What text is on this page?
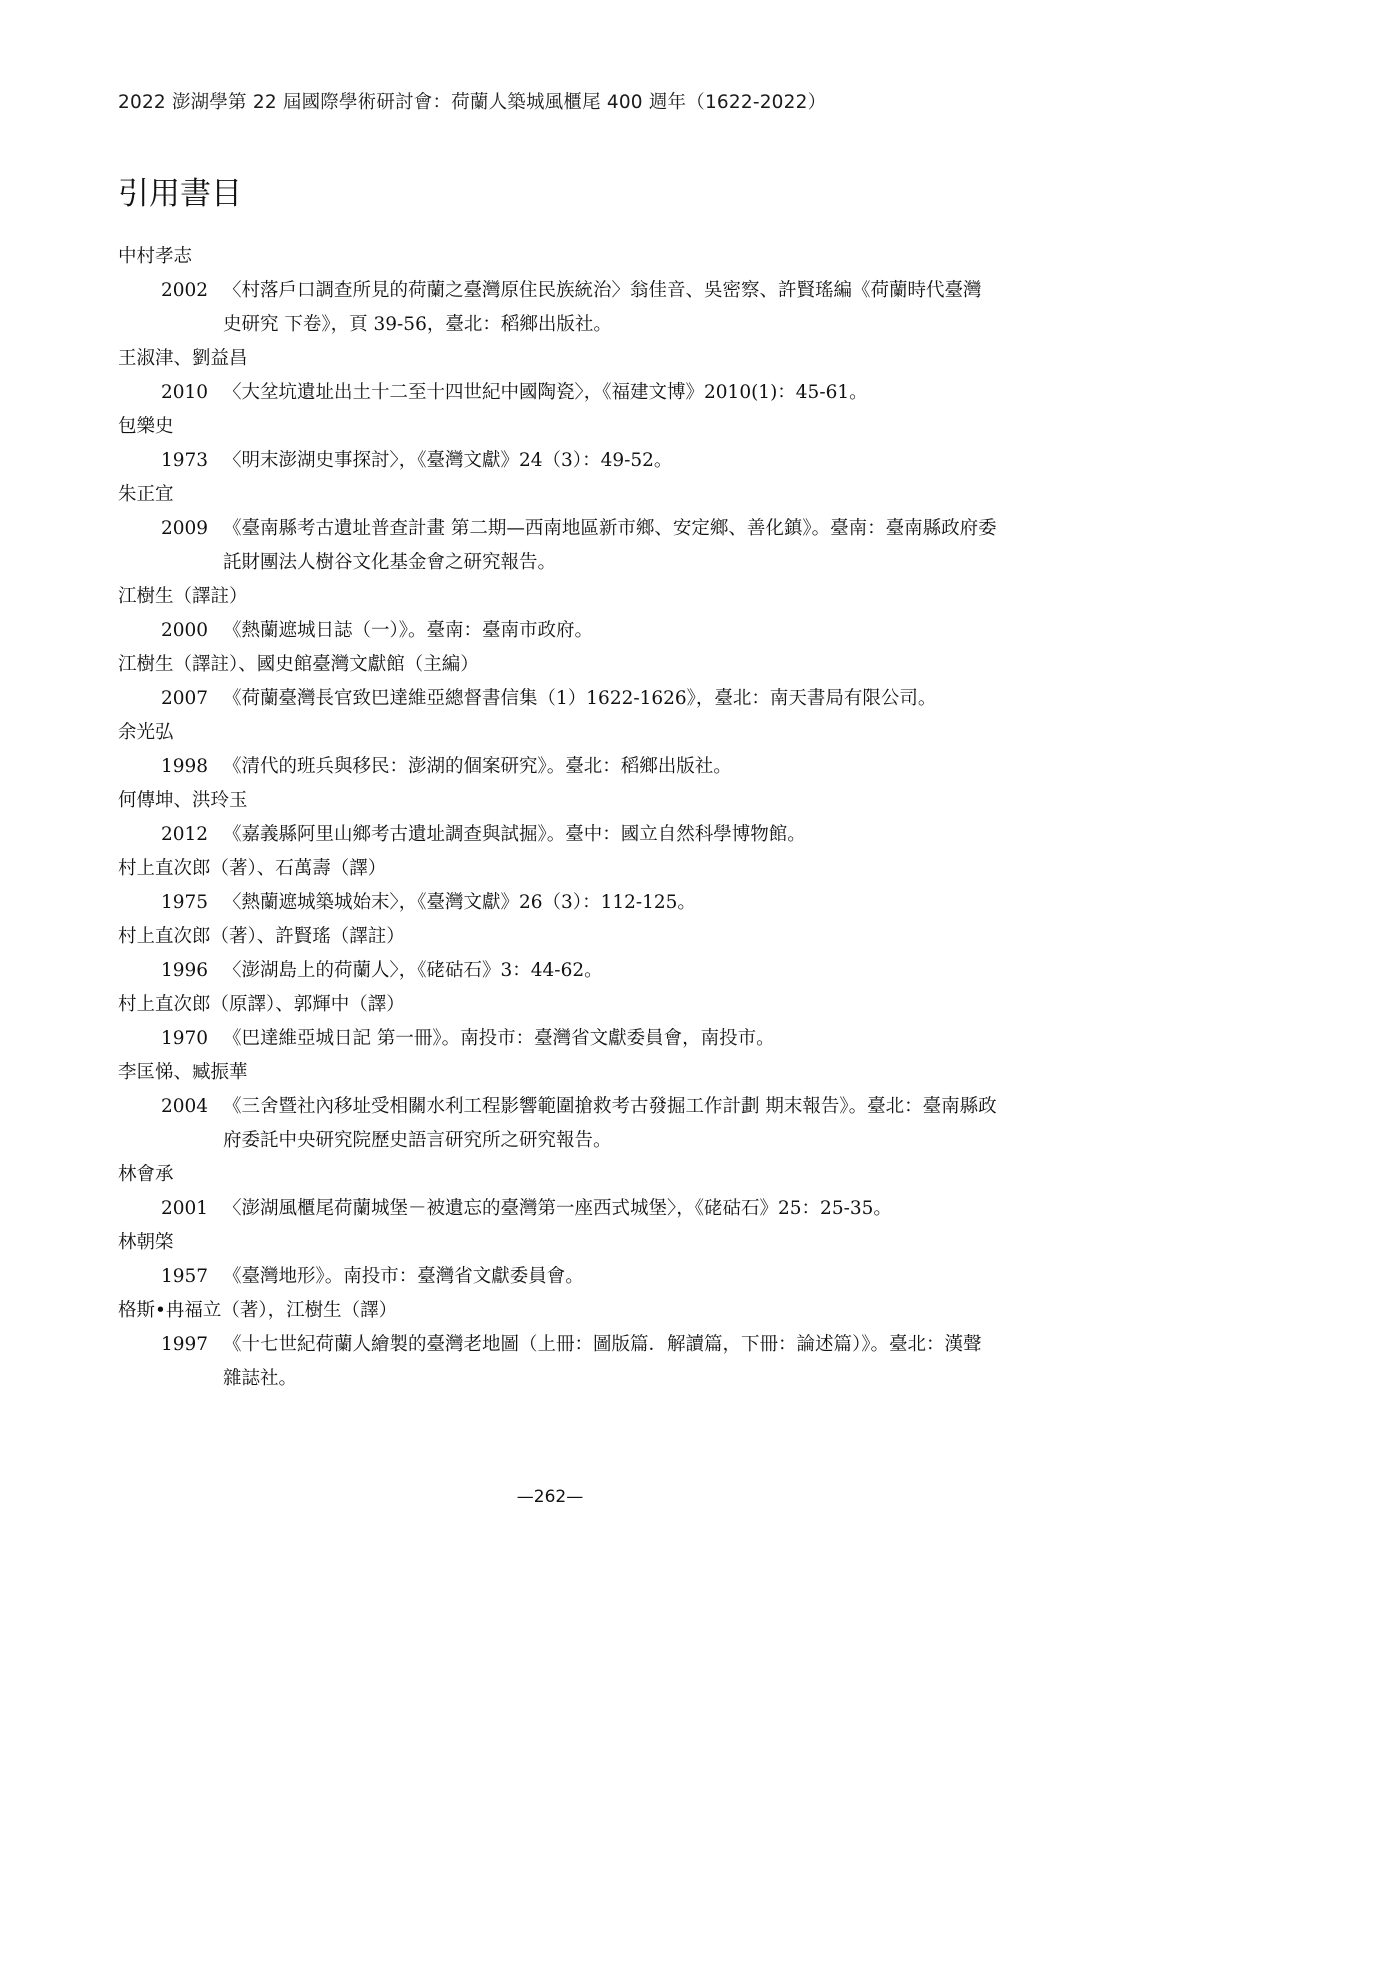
2022 澎湖學第 22 屆國際學術研討會：荷蘭人築城風櫃尾 400 週年（1622-2022）
引用書目
中村孝志
2002 〈村落戶口調查所見的荷蘭之臺灣原住民族統治〉翁佳音、吳密察、許賢瑤編《荷蘭時代臺灣史研究 下卷》，頁 39-56，臺北：稻鄉出版社。
王淑津、劉益昌
2010 〈大坌坑遺址出土十二至十四世紀中國陶瓷〉，《福建文博》2010(1)：45-61。
包樂史
1973 〈明末澎湖史事探討〉，《臺灣文獻》24（3）：49-52。
朱正宜
2009 《臺南縣考古遺址普查計畫 第二期—西南地區新市鄉、安定鄉、善化鎮》。臺南：臺南縣政府委託財團法人樹谷文化基金會之研究報告。
江樹生（譯註）
2000 《熱蘭遮城日誌（一）》。臺南：臺南市政府。
江樹生（譯註）、國史館臺灣文獻館（主編）
2007 《荷蘭臺灣長官致巴達維亞總督書信集（1）1622-1626》，臺北：南天書局有限公司。
余光弘
1998 《清代的班兵與移民：澎湖的個案研究》。臺北：稻鄉出版社。
何傳坤、洪玲玉
2012 《嘉義縣阿里山鄉考古遺址調查與試掘》。臺中：國立自然科學博物館。
村上直次郎（著）、石萬壽（譯）
1975 〈熱蘭遮城築城始末〉，《臺灣文獻》26（3）：112-125。
村上直次郎（著）、許賢瑤（譯註）
1996 〈澎湖島上的荷蘭人〉，《硓𥑮石》3：44-62。
村上直次郎（原譯）、郭輝中（譯）
1970 《巴達維亞城日記 第一冊》。南投市：臺灣省文獻委員會，南投市。
李匡悌、臧振華
2004 《三舍暨社內移址受相關水利工程影響範圍搶救考古發掘工作計劃 期末報告》。臺北：臺南縣政府委託中央研究院歷史語言研究所之研究報告。
林會承
2001 〈澎湖風櫃尾荷蘭城堡－被遺忘的臺灣第一座西式城堡〉，《硓𥑮石》25：25-35。
林朝棨
1957 《臺灣地形》。南投市：臺灣省文獻委員會。
格斯•冉福立（著），江樹生（譯）
1997 《十七世紀荷蘭人繪製的臺灣老地圖（上冊：圖版篇．解讀篇，下冊：論述篇）》。臺北：漢聲雜誌社。
—262—
